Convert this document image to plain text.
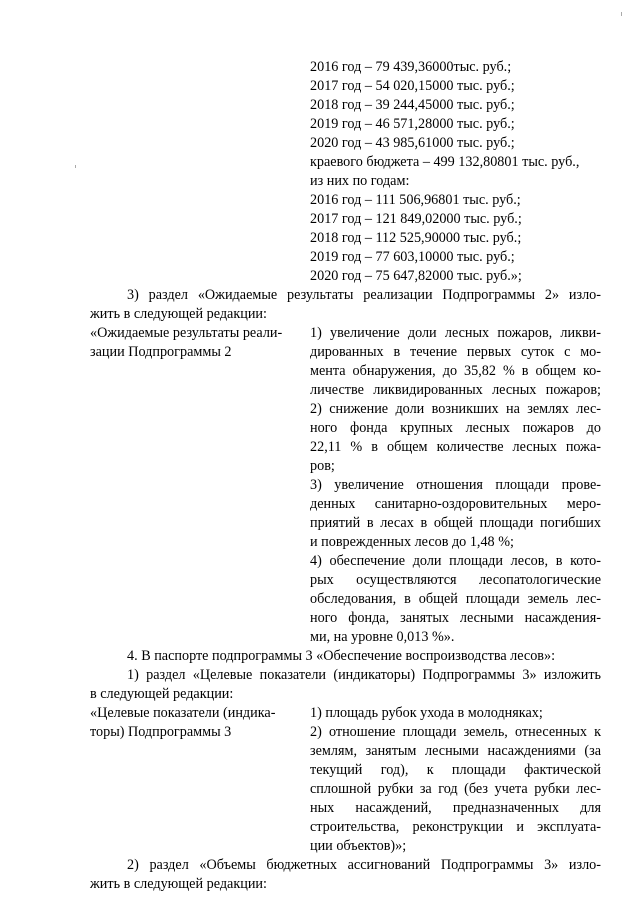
2016 год – 79 439,36000тыс. руб.;
2017 год – 54 020,15000 тыс. руб.;
2018 год – 39 244,45000 тыс. руб.;
2019 год – 46 571,28000 тыс. руб.;
2020 год – 43 985,61000 тыс. руб.;
краевого бюджета – 499 132,80801 тыс. руб.,
из них по годам:
2016 год – 111 506,96801 тыс. руб.;
2017 год – 121 849,02000 тыс. руб.;
2018 год – 112 525,90000 тыс. руб.;
2019 год – 77 603,10000 тыс. руб.;
2020 год – 75 647,82000 тыс. руб.»;
3) раздел «Ожидаемые результаты реализации Подпрограммы 2» изло-
жить в следующей редакции:
«Ожидаемые результаты реали-
зации Подпрограммы 2
1) увеличение доли лесных пожаров, ликви-
дированных в течение первых суток с мо-
мента обнаружения, до 35,82 % в общем ко-
личестве ликвидированных лесных пожаров;
2) снижение доли возникших на землях лес-
ного фонда крупных лесных пожаров до
22,11 % в общем количестве лесных пожа-
ров;
3) увеличение отношения площади прове-
денных санитарно-оздоровительных меро-
приятий в лесах в общей площади погибших
и поврежденных лесов до 1,48 %;
4) обеспечение доли площади лесов, в кото-
рых осуществляются лесопатологические
обследования, в общей площади земель лес-
ного фонда, занятых лесными насаждения-
ми, на уровне 0,013 %».
4. В паспорте подпрограммы 3 «Обеспечение воспроизводства лесов»:
1) раздел «Целевые показатели (индикаторы) Подпрограммы 3» изложить
в следующей редакции:
«Целевые показатели (индика-
торы) Подпрограммы 3
1) площадь рубок ухода в молодняках;
2) отношение площади земель, отнесенных к
землям, занятым лесными насаждениями (за
текущий год), к площади фактической
сплошной рубки за год (без учета рубки лес-
ных насаждений, предназначенных для
строительства, реконструкции и эксплуата-
ции объектов)»;
2) раздел «Объемы бюджетных ассигнований Подпрограммы 3» изло-
жить в следующей редакции:
